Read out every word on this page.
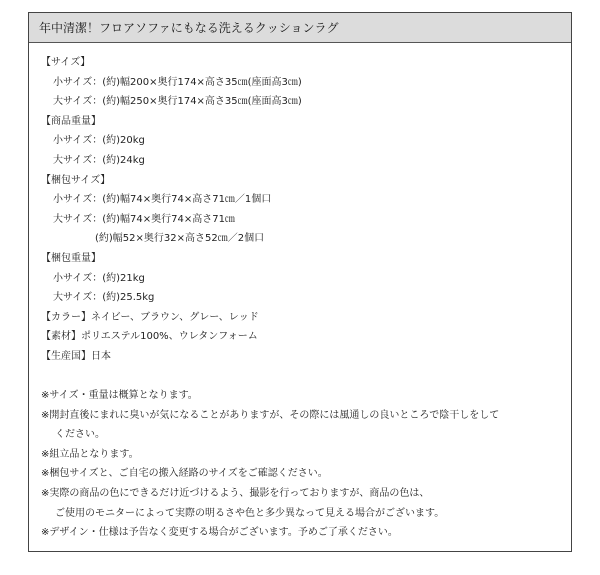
年中清潔！フロアソファにもなる洗えるクッションラグ
【サイズ】
小サイズ：(約)幅200×奥行174×高さ35㎝(座面高3㎝)
大サイズ：(約)幅250×奥行174×高さ35㎝(座面高3㎝)
【商品重量】
小サイズ：(約)20kg
大サイズ：(約)24kg
【梱包サイズ】
小サイズ：(約)幅74×奥行74×高さ71㎝／1個口
大サイズ：(約)幅74×奥行74×高さ71㎝
(約)幅52×奥行32×高さ52㎝／2個口
【梱包重量】
小サイズ：(約)21kg
大サイズ：(約)25.5kg
【カラー】ネイビー、ブラウン、グレー、レッド
【素材】ポリエステル100%、ウレタンフォーム
【生産国】日本
※サイズ・重量は概算となります。
※開封直後にまれに臭いが気になることがありますが、その際には風通しの良いところで陰干しをして
ください。
※組立品となります。
※梱包サイズと、ご自宅の搬入経路のサイズをご確認ください。
※実際の商品の色にできるだけ近づけるよう、撮影を行っておりますが、商品の色は、
ご使用のモニターによって実際の明るさや色と多少異なって見える場合がございます。
※デザイン・仕様は予告なく変更する場合がございます。予めご了承ください。
